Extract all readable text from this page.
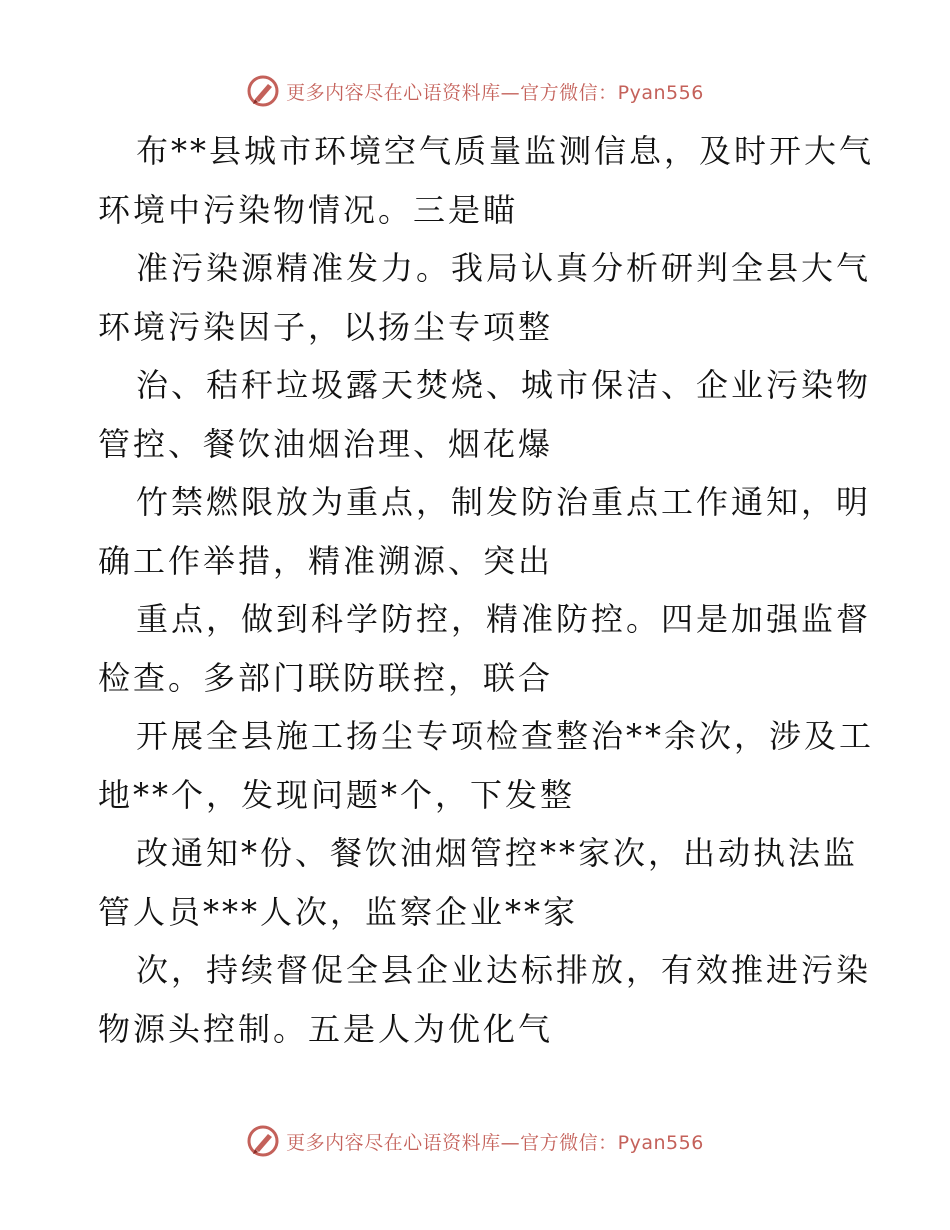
更多内容尽在心语资料库—官方微信：Pyan556
布**县城市环境空气质量监测信息，及时开大气
环境中污染物情况。三是瞄
准污染源精准发力。我局认真分析研判全县大气
环境污染因子，以扬尘专项整
治、秸秆垃圾露天焚烧、城市保洁、企业污染物
管控、餐饮油烟治理、烟花爆
竹禁燃限放为重点，制发防治重点工作通知，明
确工作举措，精准溯源、突出
重点，做到科学防控，精准防控。四是加强监督
检查。多部门联防联控，联合
开展全县施工扬尘专项检查整治**余次，涉及工
地**个，发现问题*个，下发整
改通知*份、餐饮油烟管控**家次，出动执法监
管人员***人次，监察企业**家
次，持续督促全县企业达标排放，有效推进污染
物源头控制。五是人为优化气
更多内容尽在心语资料库—官方微信：Pyan556
